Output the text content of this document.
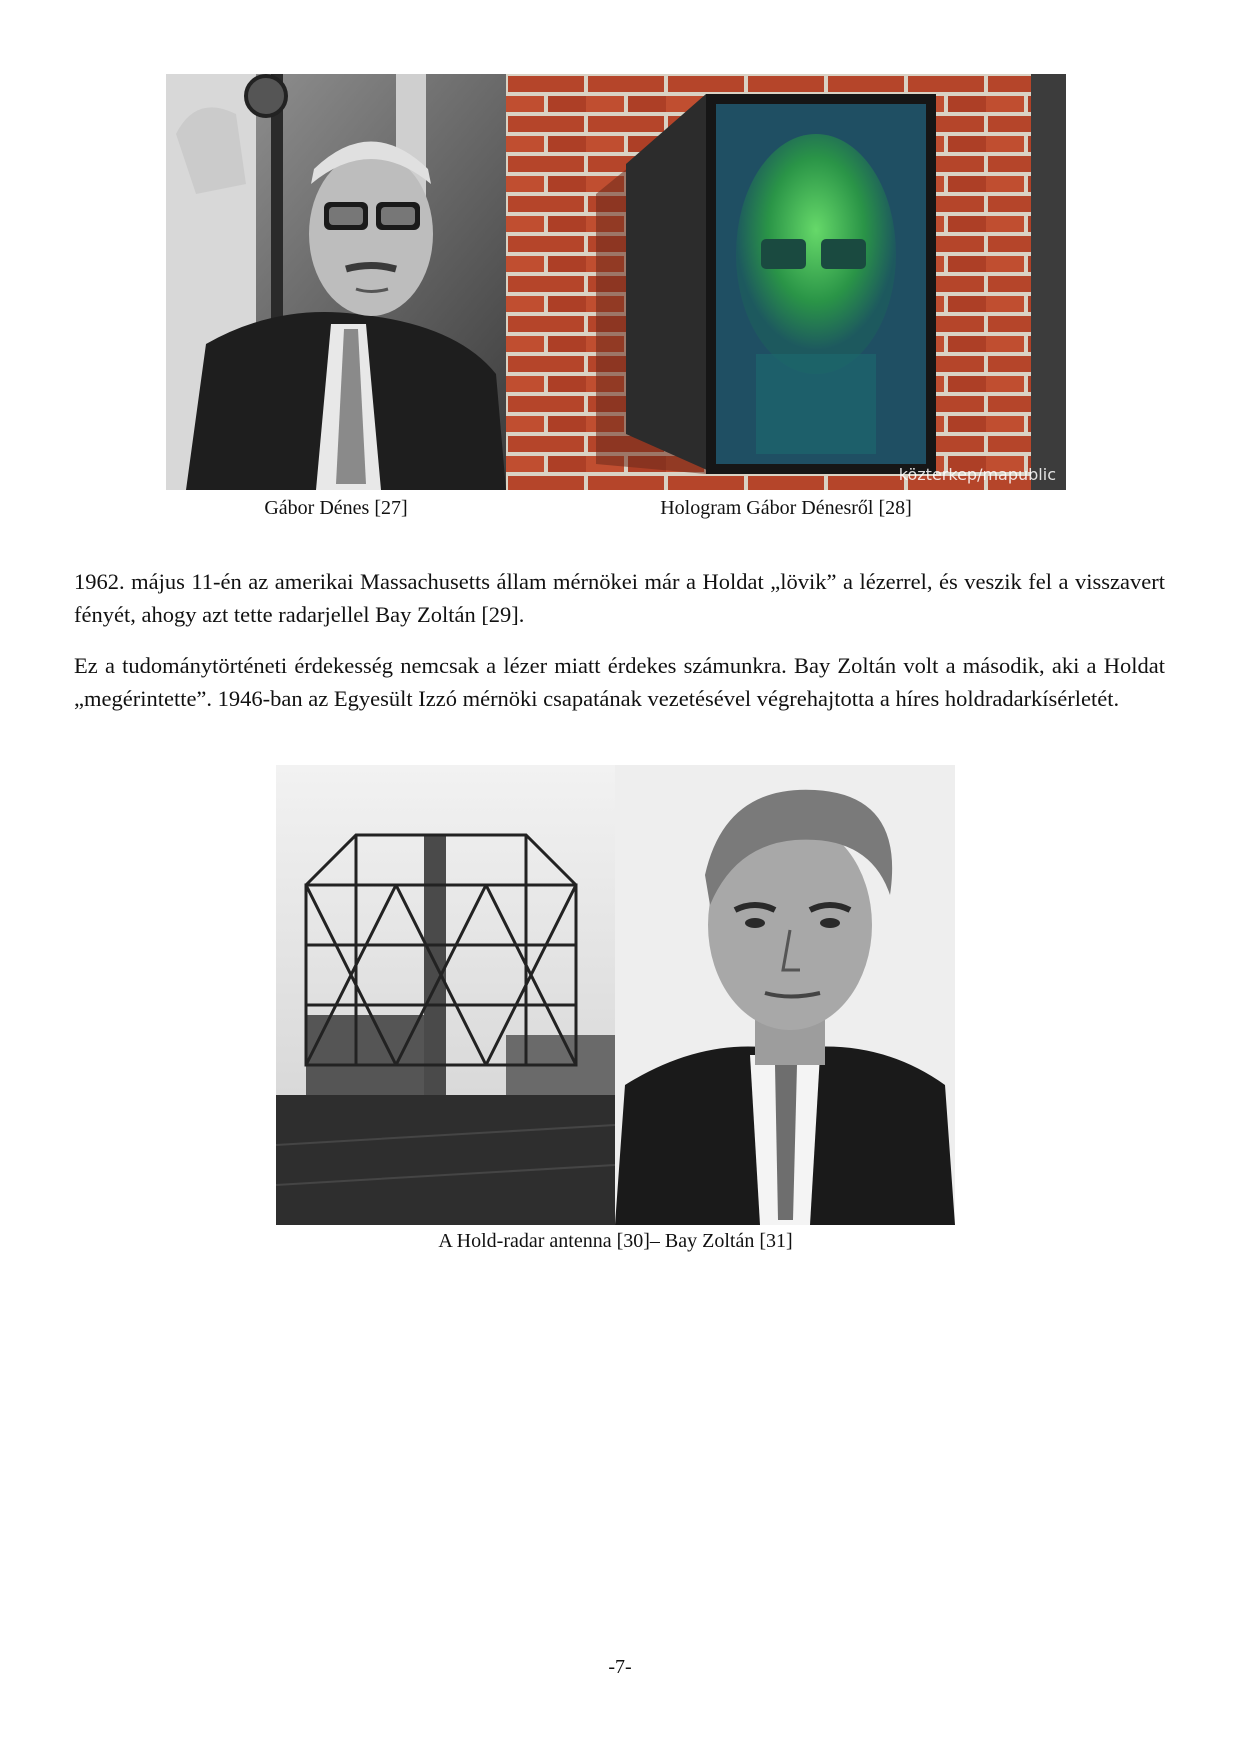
közterkep/mapublic
Gábor Dénes [27]	Hologram Gábor Dénesről [28]

1962. május 11-én az amerikai Massachusetts állam mérnökei már a Holdat „lövik” a lézerrel, és veszik fel a visszavert fényét, ahogy azt tette radarjellel Bay Zoltán [29].

Ez a tudománytörténeti érdekesség nemcsak a lézer miatt érdekes számunkra. Bay Zoltán volt a második, aki a Holdat „megérintette”. 1946-ban az Egyesült Izzó mérnöki csapatának vezetésével végrehajtotta a híres holdradarkísérletét.

A Hold-radar antenna [30]– Bay Zoltán [31]
-7-
